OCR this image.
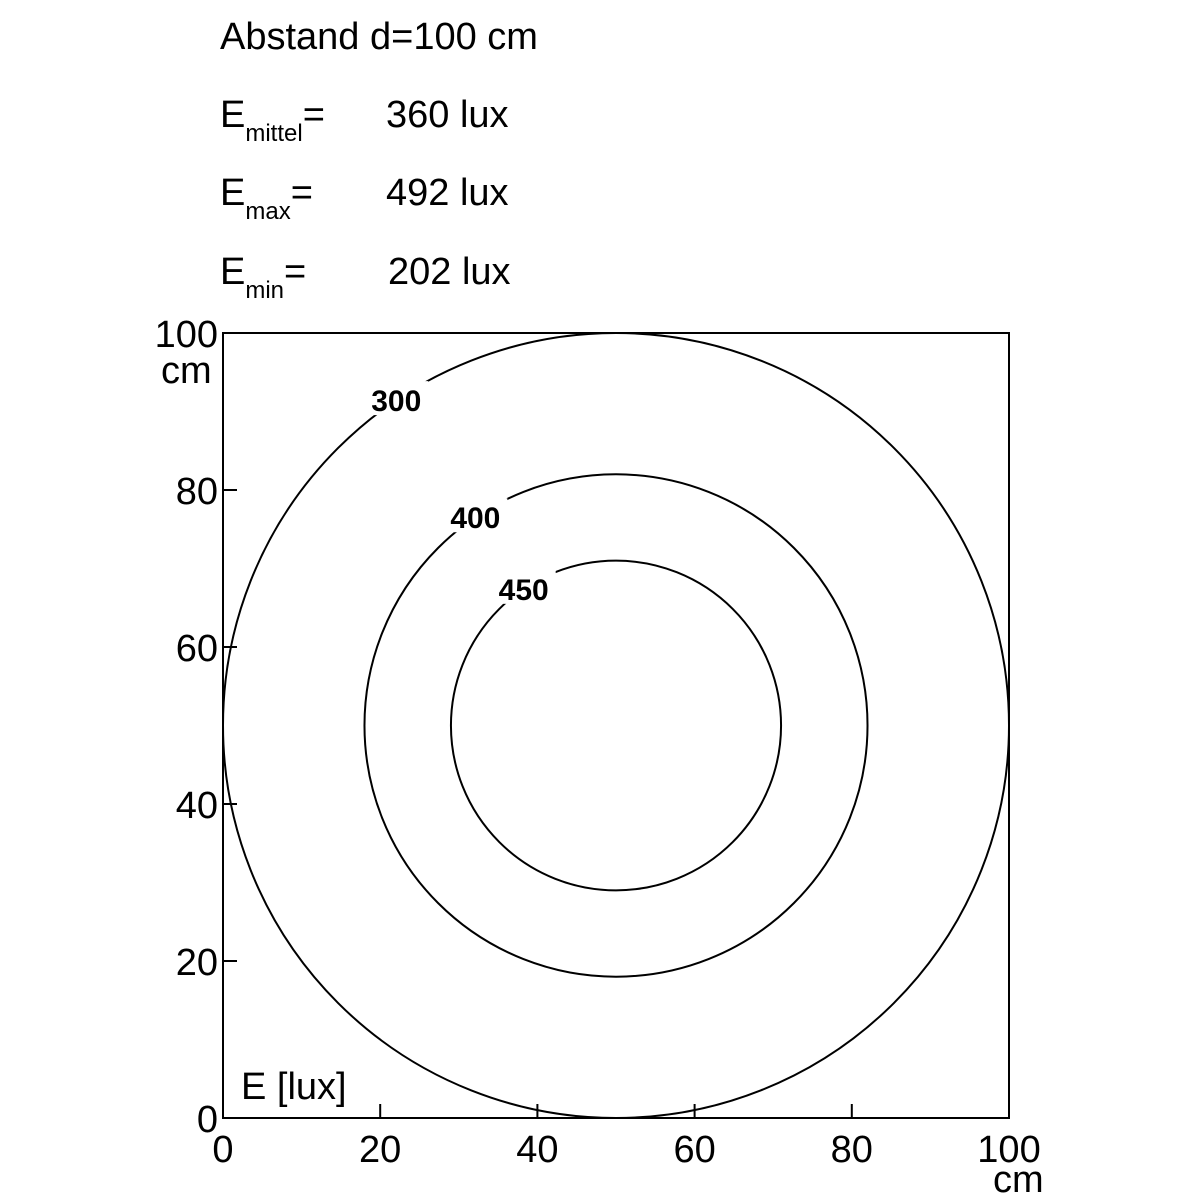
Abstand d=100 cm
$E_{mittel}= 360$ lux
$E_{max}= 492$ lux
$E_{min}= 202$ lux
0	20	40	60	80	100
0
20
40
60
80
100
300
400
450
E [lux]
cm
cm
